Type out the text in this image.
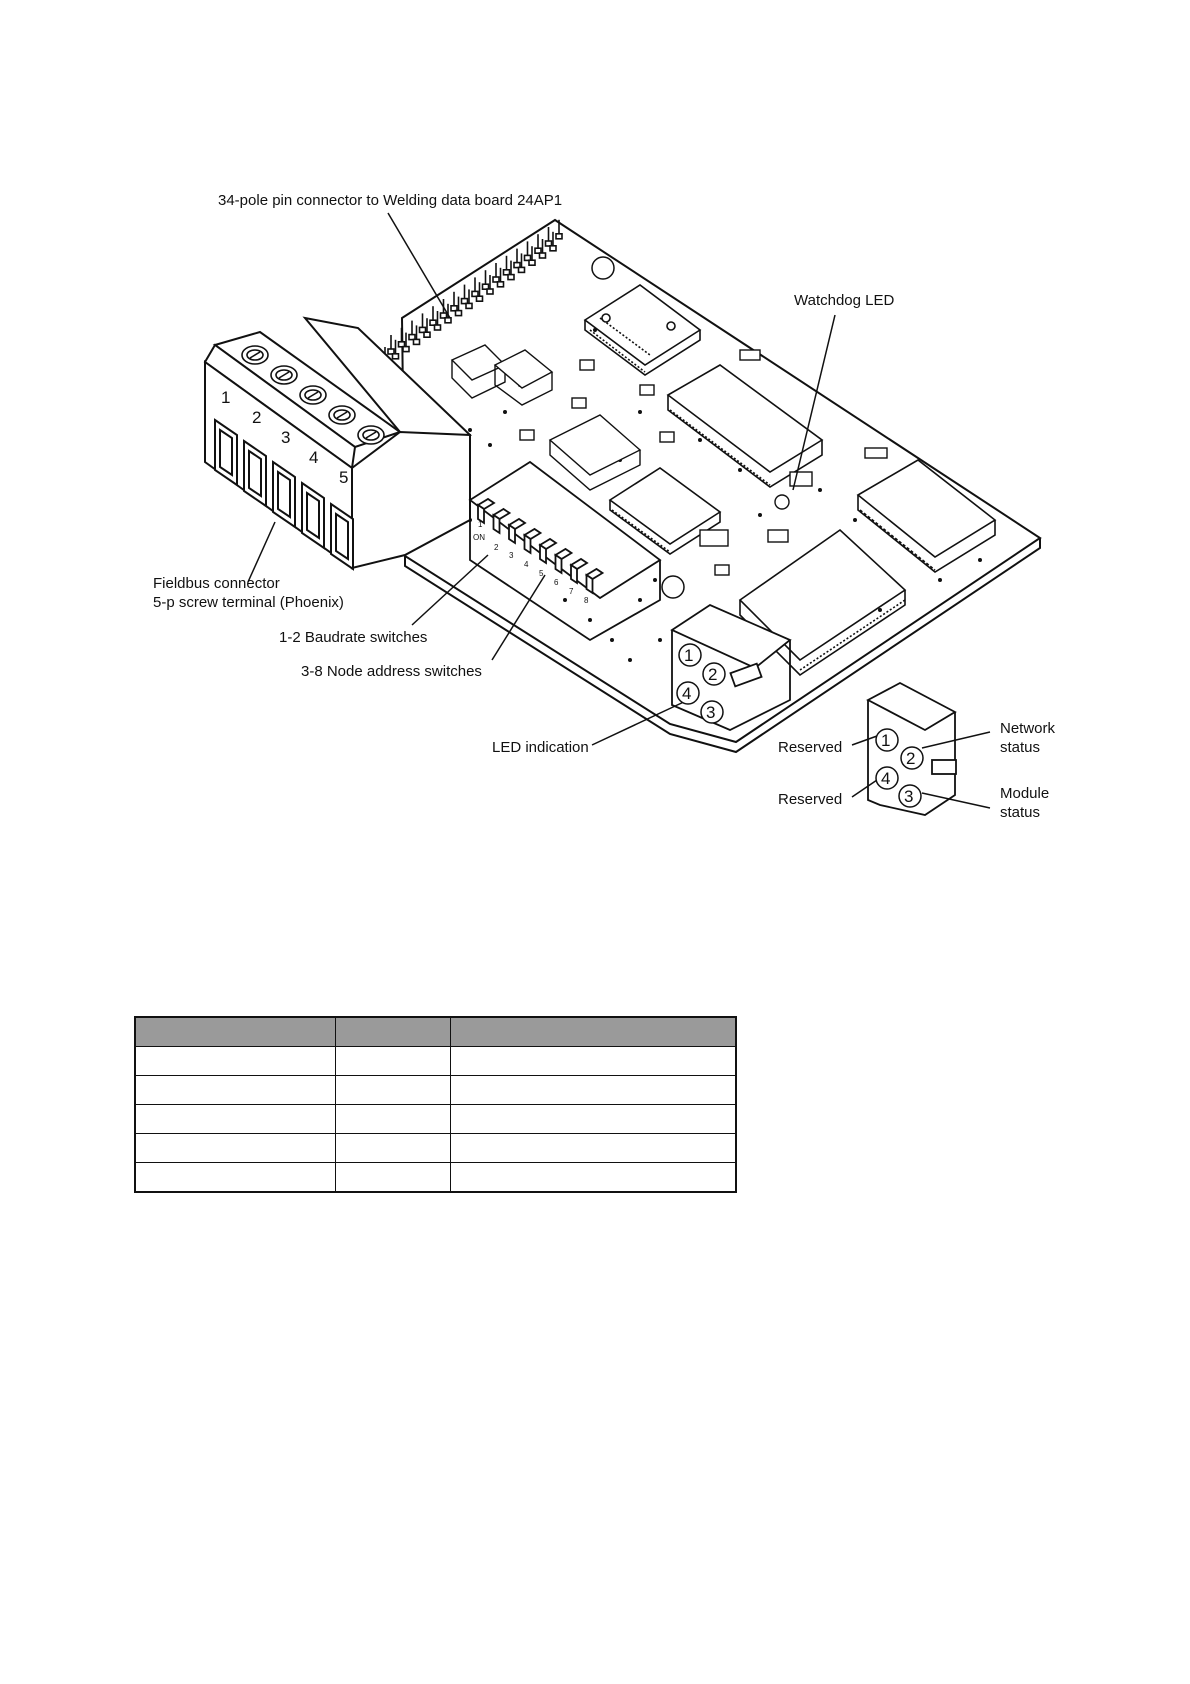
34-pole pin connector to Welding data board 24AP1
Watchdog LED
Fieldbus connector
5-p screw terminal (Phoenix)
1-2 Baudrate switches
3-8 Node address switches
LED indication
1
2
3
4
5
ON
1
2
3
4
5
6
7
8
1
2
4
3
1
2
4
3
Reserved
Reserved
Network
status
Module
status
